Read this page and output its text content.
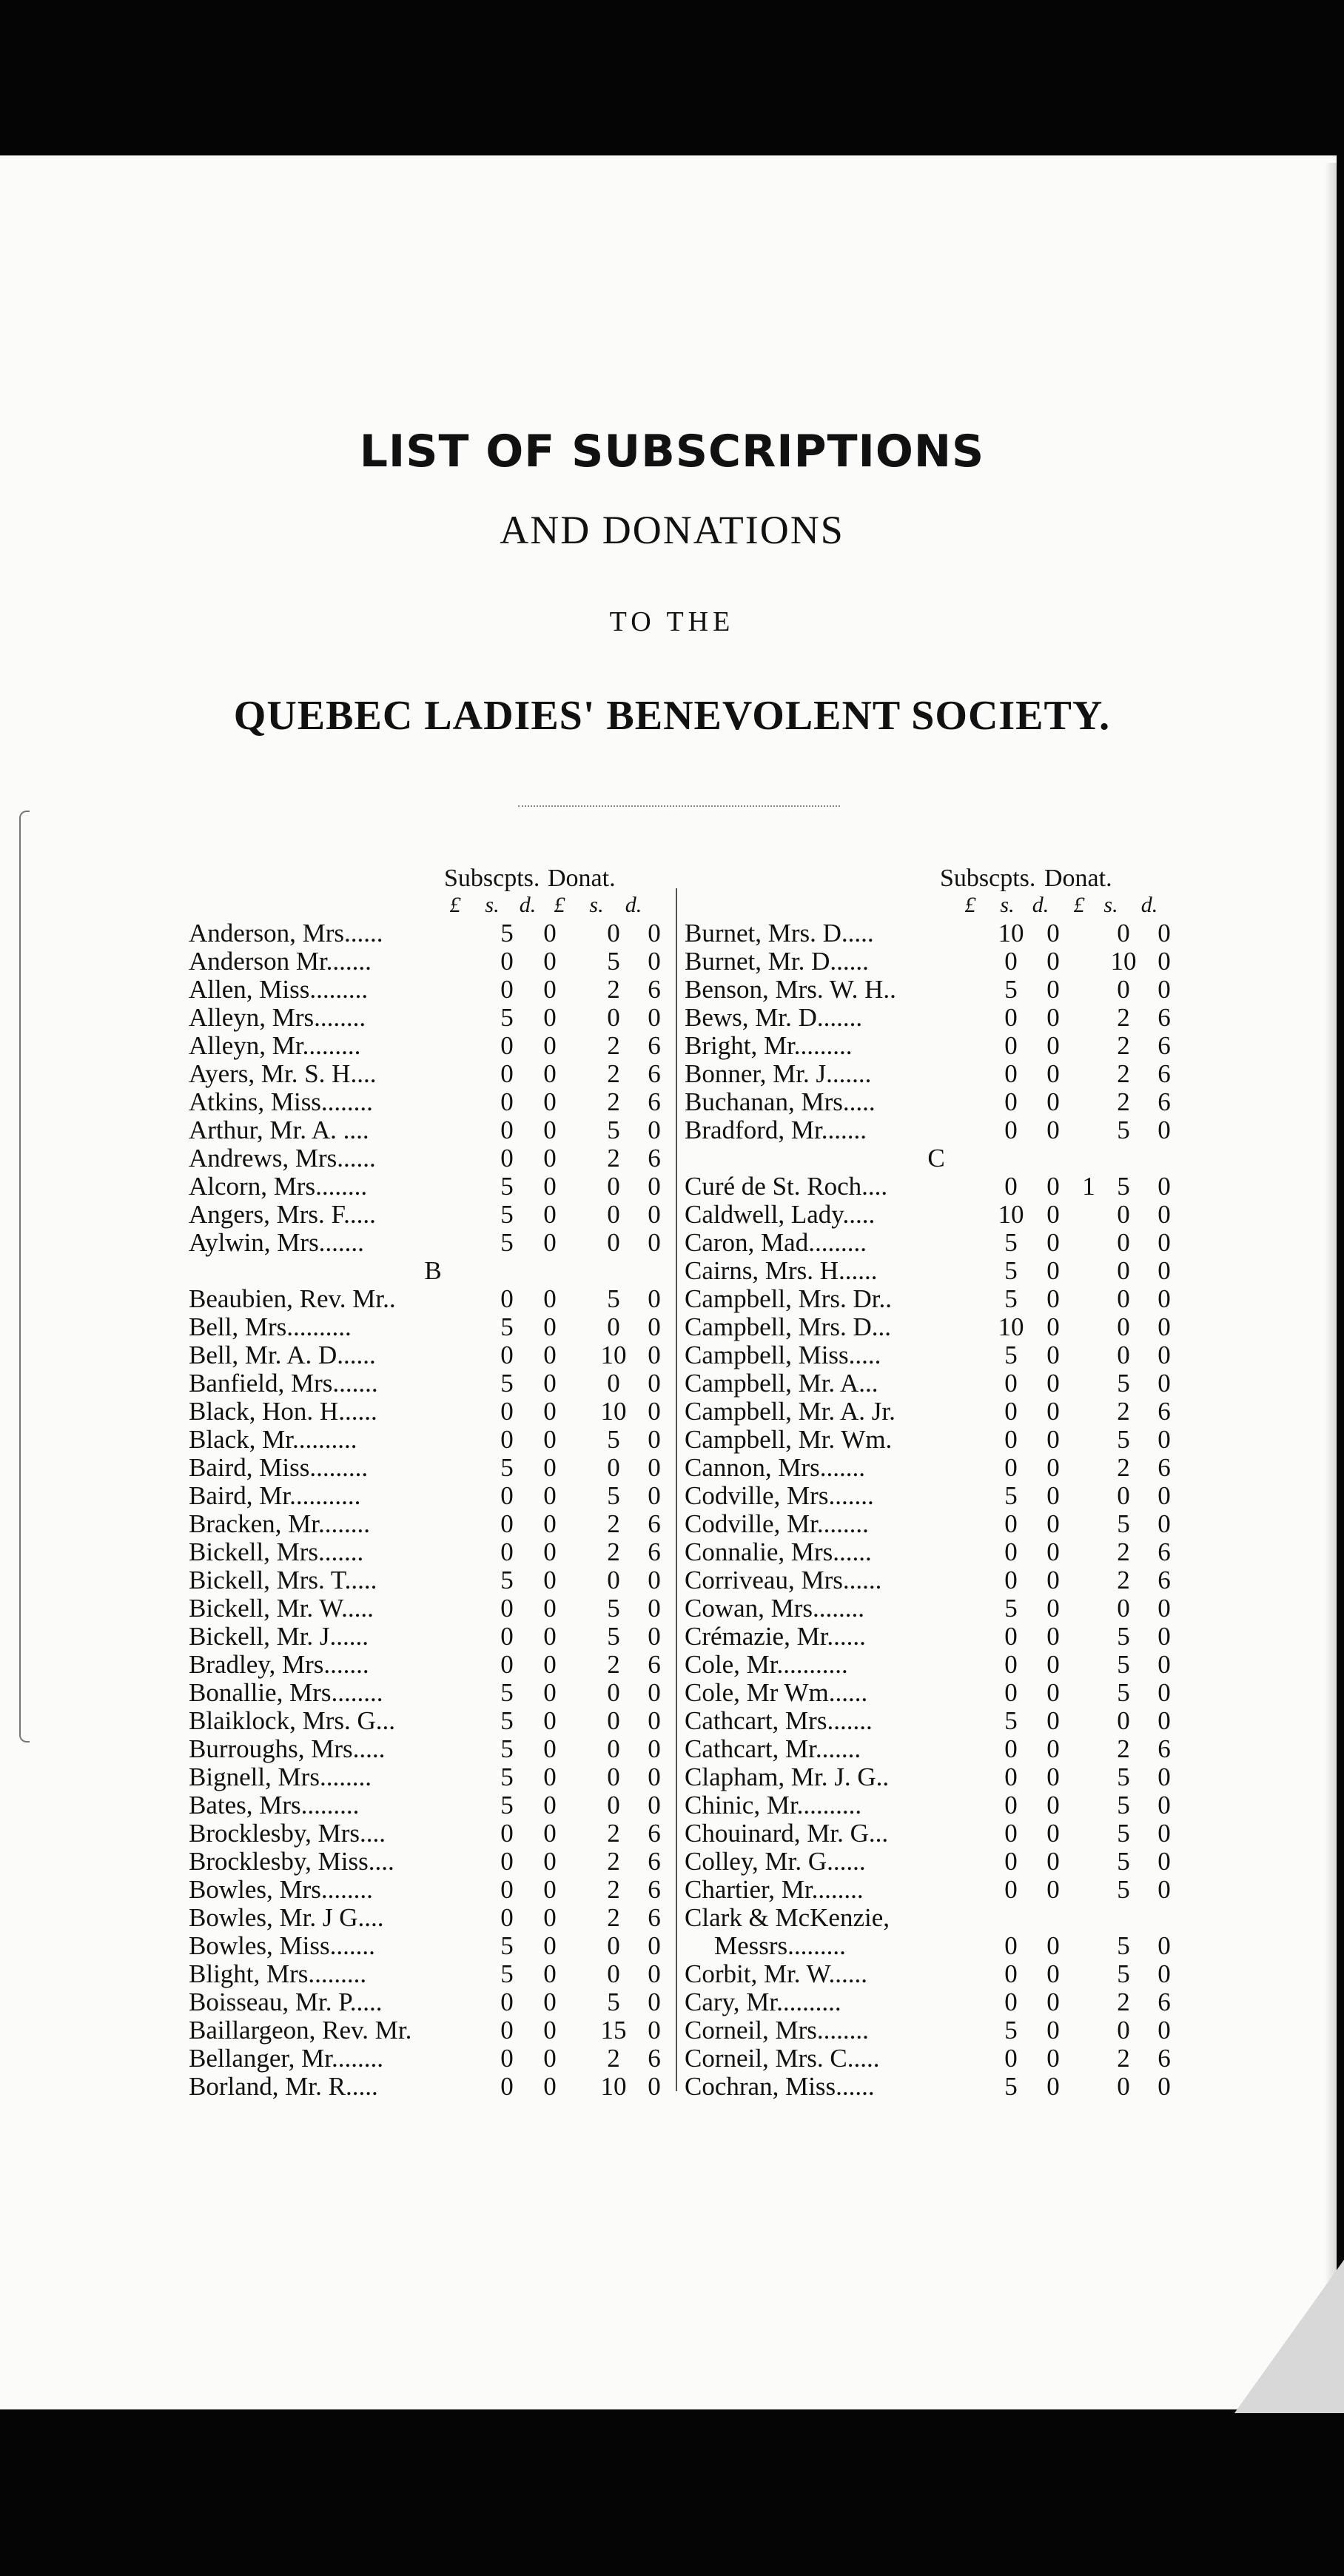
LIST OF SUBSCRIPTIONS
AND DONATIONS
TO THE
QUEBEC LADIES' BENEVOLENT SOCIETY.
Subscpts. Donat.
£	s. d. £	s. d.
Anderson, Mrs......	5 0 0 0
Anderson Mr.......	0 0 5 0
Allen, Miss.........	0 0 2 6
Alleyn, Mrs........	5 0 0 0
Alleyn, Mr.........	0 0 2 6
Ayers, Mr. S. H....	0 0 2 6
Atkins, Miss........	0 0 2 6
Arthur, Mr. A. ....	0 0 5 0
Andrews, Mrs......	0 0 2 6
Alcorn, Mrs........	5 0 0 0
Angers, Mrs. F.....	5 0 0 0
Aylwin, Mrs.......	5 0 0 0
B
Beaubien, Rev. Mr..	0 0 5 0
Bell, Mrs..........	5 0 0 0
Bell, Mr. A. D......	0 0 10 0
Banfield, Mrs.......	5 0 0 0
Black, Hon. H......	0 0 10 0
Black, Mr..........	0 0 5 0
Baird, Miss.........	5 0 0 0
Baird, Mr...........	0 0 5 0
Bracken, Mr........	0 0 2 6
Bickell, Mrs.......	0 0 2 6
Bickell, Mrs. T.....	5 0 0 0
Bickell, Mr. W.....	0 0 5 0
Bickell, Mr. J......	0 0 5 0
Bradley, Mrs.......	0 0 2 6
Bonallie, Mrs........	5 0 0 0
Blaiklock, Mrs. G...	5 0 0 0
Burroughs, Mrs.....	5 0 0 0
Bignell, Mrs........	5 0 0 0
Bates, Mrs.........	5 0 0 0
Brocklesby, Mrs....	0 0 2 6
Brocklesby, Miss....	0 0 2 6
Bowles, Mrs........	0 0 2 6
Bowles, Mr. J G....	0 0 2 6
Bowles, Miss.......	5 0 0 0
Blight, Mrs.........	5 0 0 0
Boisseau, Mr. P.....	0 0 5 0
Baillargeon, Rev. Mr.	0 0 15 0
Bellanger, Mr........	0 0 2 6
Borland, Mr. R.....	0 0 10 0
Subscpts. Donat.
£	s. d.	£ s. d.
Burnet, Mrs. D.....	10 0 0 0
Burnet, Mr. D......	0 0 10 0
Benson, Mrs. W. H..	5 0 0 0
Bews, Mr. D.......	0 0 2 6
Bright, Mr.........	0 0 2 6
Bonner, Mr. J.......	0 0 2 6
Buchanan, Mrs.....	0 0 2 6
Bradford, Mr.......	0 0 5 0
C
Curé de St. Roch....	0 0 1 5 0
Caldwell, Lady.....	10 0 0 0
Caron, Mad.........	5 0 0 0
Cairns, Mrs. H......	5 0 0 0
Campbell, Mrs. Dr..	5 0 0 0
Campbell, Mrs. D...	10 0 0 0
Campbell, Miss.....	5 0 0 0
Campbell, Mr. A...	0 0 5 0
Campbell, Mr. A. Jr.	0 0 2 6
Campbell, Mr. Wm.	0 0 5 0
Cannon, Mrs.......	0 0 2 6
Codville, Mrs.......	5 0 0 0
Codville, Mr........	0 0 5 0
Connalie, Mrs......	0 0 2 6
Corriveau, Mrs......	0 0 2 6
Cowan, Mrs........	5 0 0 0
Crémazie, Mr......	0 0 5 0
Cole, Mr...........	0 0 5 0
Cole, Mr Wm......	0 0 5 0
Cathcart, Mrs.......	5 0 0 0
Cathcart, Mr.......	0 0 2 6
Clapham, Mr. J. G..	0 0 5 0
Chinic, Mr..........	0 0 5 0
Chouinard, Mr. G...	0 0 5 0
Colley, Mr. G......	0 0 5 0
Chartier, Mr........	0 0 5 0
Clark & McKenzie,
Messrs.........	0 0 5 0
Corbit, Mr. W......	0 0 5 0
Cary, Mr..........	0 0 2 6
Corneil, Mrs........	5 0 0 0
Corneil, Mrs. C.....	0 0 2 6
Cochran, Miss......	5 0 0 0
